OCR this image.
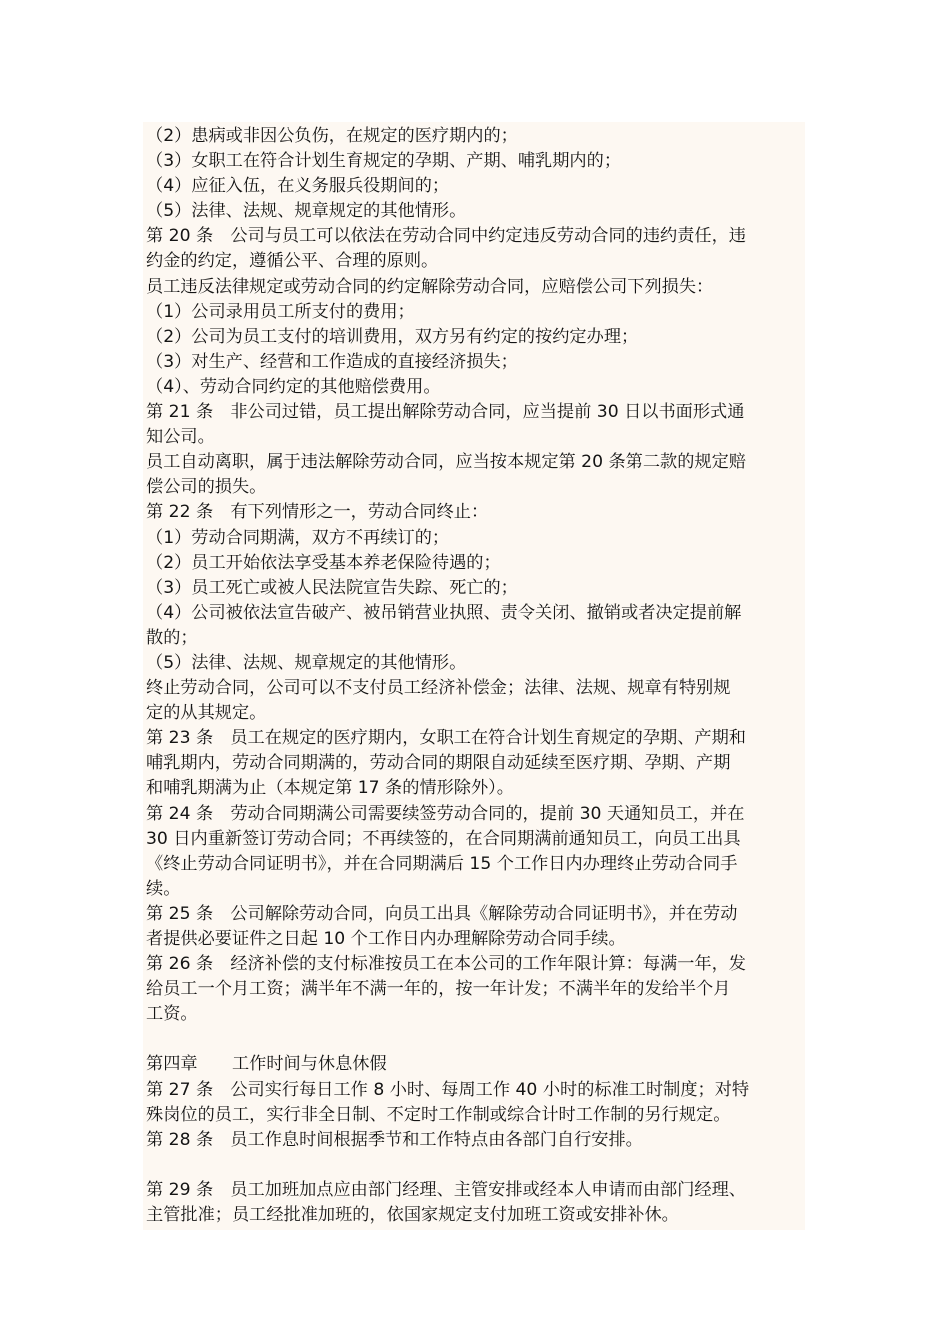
（2）患病或非因公负伤，在规定的医疗期内的；
（3）女职工在符合计划生育规定的孕期、产期、哺乳期内的；
（4）应征入伍，在义务服兵役期间的；
（5）法律、法规、规章规定的其他情形。
第 20 条　公司与员工可以依法在劳动合同中约定违反劳动合同的违约责任，违
约金的约定，遵循公平、合理的原则。
员工违反法律规定或劳动合同的约定解除劳动合同，应赔偿公司下列损失：
（1）公司录用员工所支付的费用；
（2）公司为员工支付的培训费用，双方另有约定的按约定办理；
（3）对生产、经营和工作造成的直接经济损失；
（4）、劳动合同约定的其他赔偿费用。
第 21 条　非公司过错，员工提出解除劳动合同，应当提前 30 日以书面形式通
知公司。
员工自动离职，属于违法解除劳动合同，应当按本规定第 20 条第二款的规定赔
偿公司的损失。
第 22 条　有下列情形之一，劳动合同终止：
（1）劳动合同期满，双方不再续订的；
（2）员工开始依法享受基本养老保险待遇的；
（3）员工死亡或被人民法院宣告失踪、死亡的；
（4）公司被依法宣告破产、被吊销营业执照、责令关闭、撤销或者决定提前解
散的；
（5）法律、法规、规章规定的其他情形。
终止劳动合同，公司可以不支付员工经济补偿金；法律、法规、规章有特别规
定的从其规定。
第 23 条　员工在规定的医疗期内，女职工在符合计划生育规定的孕期、产期和
哺乳期内，劳动合同期满的，劳动合同的期限自动延续至医疗期、孕期、产期
和哺乳期满为止（本规定第 17 条的情形除外）。
第 24 条　劳动合同期满公司需要续签劳动合同的，提前 30 天通知员工，并在
30 日内重新签订劳动合同；不再续签的，在合同期满前通知员工，向员工出具
《终止劳动合同证明书》，并在合同期满后 15 个工作日内办理终止劳动合同手
续。
第 25 条　公司解除劳动合同，向员工出具《解除劳动合同证明书》，并在劳动
者提供必要证件之日起 10 个工作日内办理解除劳动合同手续。
第 26 条　经济补偿的支付标准按员工在本公司的工作年限计算：每满一年，发
给员工一个月工资；满半年不满一年的，按一年计发；不满半年的发给半个月
工资。
第四章　　工作时间与休息休假
第 27 条　公司实行每日工作 8 小时、每周工作 40 小时的标准工时制度；对特
殊岗位的员工，实行非全日制、不定时工作制或综合计时工作制的另行规定。
第 28 条　员工作息时间根据季节和工作特点由各部门自行安排。
第 29 条　员工加班加点应由部门经理、主管安排或经本人申请而由部门经理、
主管批准；员工经批准加班的，依国家规定支付加班工资或安排补休。
